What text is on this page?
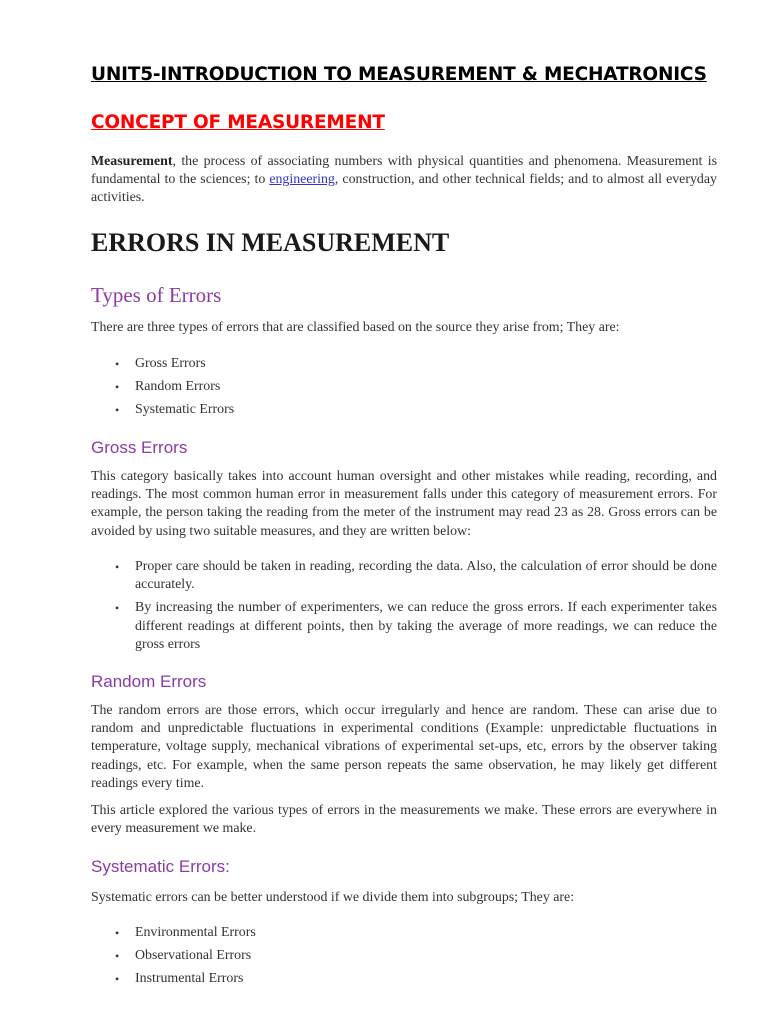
UNIT5-INTRODUCTION TO MEASUREMENT & MECHATRONICS
CONCEPT OF MEASUREMENT

Measurement, the process of associating numbers with physical quantities and phenomena. Measurement is fundamental to the sciences; to engineering, construction, and other technical fields; and to almost all everyday activities.

ERRORS IN MEASUREMENT
Types of Errors

There are three types of errors that are classified based on the source they arise from; They are:

• Gross Errors
• Random Errors
• Systematic Errors
Gross Errors

This category basically takes into account human oversight and other mistakes while reading, recording, and readings. The most common human error in measurement falls under this category of measurement errors. For example, the person taking the reading from the meter of the instrument may read 23 as 28. Gross errors can be avoided by using two suitable measures, and they are written below:

• Proper care should be taken in reading, recording the data. Also, the calculation of error should be done accurately.
• By increasing the number of experimenters, we can reduce the gross errors. If each experimenter takes different readings at different points, then by taking the average of more readings, we can reduce the gross errors
Random Errors

The random errors are those errors, which occur irregularly and hence are random. These can arise due to random and unpredictable fluctuations in experimental conditions (Example: unpredictable fluctuations in temperature, voltage supply, mechanical vibrations of experimental set-ups, etc, errors by the observer taking readings, etc. For example, when the same person repeats the same observation, he may likely get different readings every time.

This article explored the various types of errors in the measurements we make. These errors are everywhere in every measurement we make.

Systematic Errors:

Systematic errors can be better understood if we divide them into subgroups; They are:

• Environmental Errors
• Observational Errors
• Instrumental Errors
